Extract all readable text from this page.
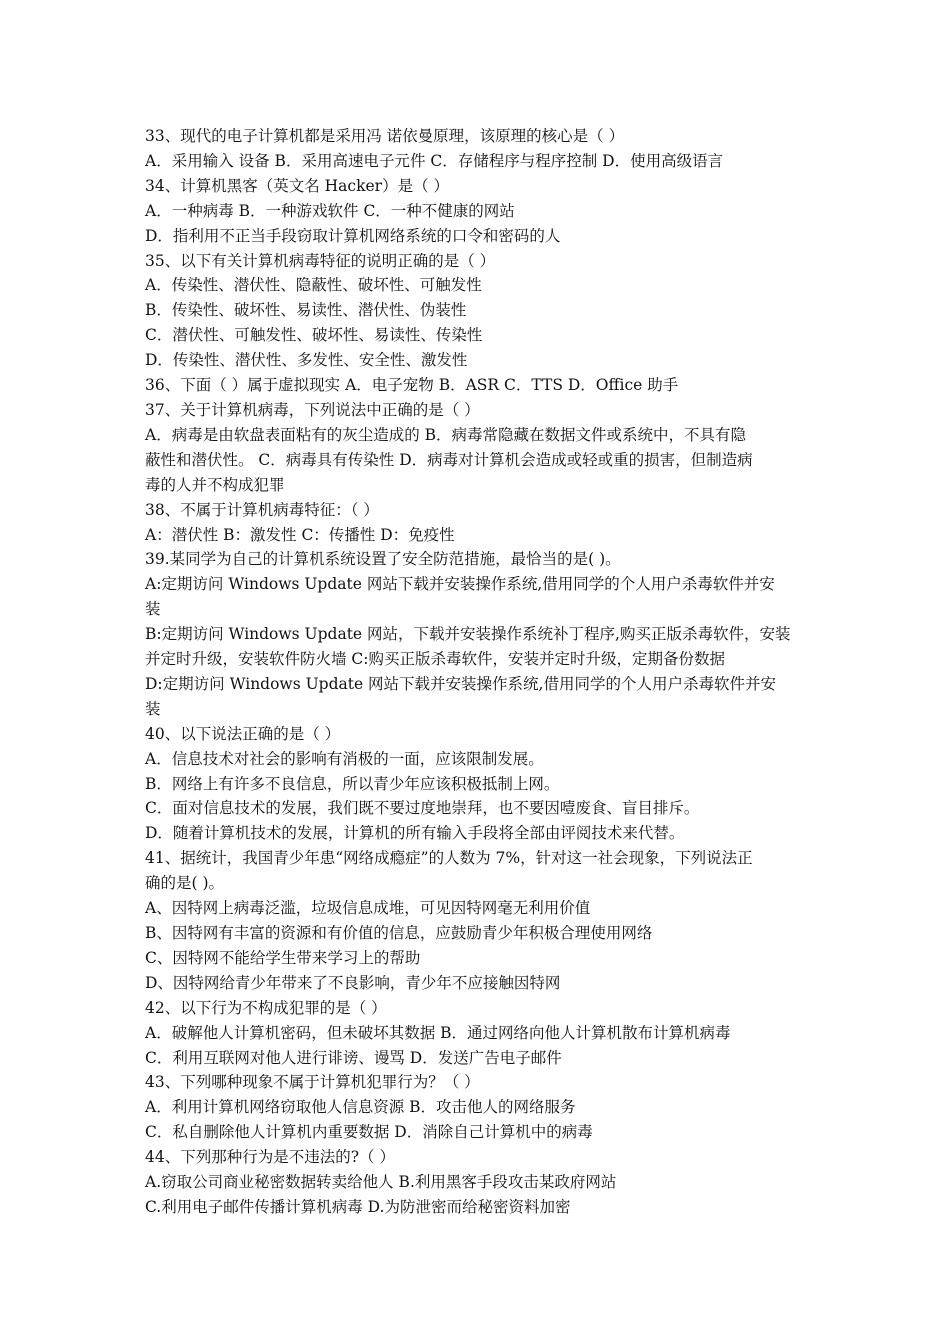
33、现代的电子计算机都是采用冯 诺依曼原理，该原理的核心是（ ）
A．采用输入 设备 B．采用高速电子元件 C．存储程序与程序控制 D．使用高级语言
34、计算机黑客（英文名 Hacker）是（ ）
A．一种病毒 B．一种游戏软件 C．一种不健康的网站
D．指利用不正当手段窃取计算机网络系统的口令和密码的人
35、以下有关计算机病毒特征的说明正确的是（ ）
A．传染性、潜伏性、隐蔽性、破坏性、可触发性
B．传染性、破坏性、易读性、潜伏性、伪装性
C．潜伏性、可触发性、破坏性、易读性、传染性
D．传染性、潜伏性、多发性、安全性、激发性
36、下面（ ）属于虚拟现实 A．电子宠物 B．ASR C．TTS D．Office 助手
37、关于计算机病毒，下列说法中正确的是（ ）
A．病毒是由软盘表面粘有的灰尘造成的 B．病毒常隐藏在数据文件或系统中，不具有隐
蔽性和潜伏性。 C．病毒具有传染性 D．病毒对计算机会造成或轻或重的损害，但制造病
毒的人并不构成犯罪
38、不属于计算机病毒特征：（ ）
A：潜伏性 B：激发性 C：传播性 D：免疫性
39.某同学为自己的计算机系统设置了安全防范措施，最恰当的是( )。
A:定期访问 Windows Update 网站下载并安装操作系统,借用同学的个人用户杀毒软件并安
装
B:定期访问 Windows Update 网站，下载并安装操作系统补丁程序,购买正版杀毒软件，安装
并定时升级，安装软件防火墙 C:购买正版杀毒软件，安装并定时升级，定期备份数据
D:定期访问 Windows Update 网站下载并安装操作系统,借用同学的个人用户杀毒软件并安
装
40、以下说法正确的是（ ）
A．信息技术对社会的影响有消极的一面，应该限制发展。
B．网络上有许多不良信息，所以青少年应该积极抵制上网。
C．面对信息技术的发展，我们既不要过度地崇拜，也不要因噎废食、盲目排斥。
D．随着计算机技术的发展，计算机的所有输入手段将全部由评阅技术来代替。
41、据统计，我国青少年患“网络成瘾症”的人数为 7%，针对这一社会现象，下列说法正
确的是( )。
A、因特网上病毒泛滥，垃圾信息成堆，可见因特网毫无利用价值
B、因特网有丰富的资源和有价值的信息，应鼓励青少年积极合理使用网络
C、因特网不能给学生带来学习上的帮助
D、因特网给青少年带来了不良影响，青少年不应接触因特网
42、以下行为不构成犯罪的是（ ）
A．破解他人计算机密码，但未破坏其数据 B．通过网络向他人计算机散布计算机病毒
C．利用互联网对他人进行诽谤、谩骂 D．发送广告电子邮件
43、下列哪种现象不属于计算机犯罪行为？（ ）
A．利用计算机网络窃取他人信息资源 B．攻击他人的网络服务
C．私自删除他人计算机内重要数据 D．消除自己计算机中的病毒
44、下列那种行为是不违法的?（ ）
A.窃取公司商业秘密数据转卖给他人 B.利用黑客手段攻击某政府网站
C.利用电子邮件传播计算机病毒 D.为防泄密而给秘密资料加密
